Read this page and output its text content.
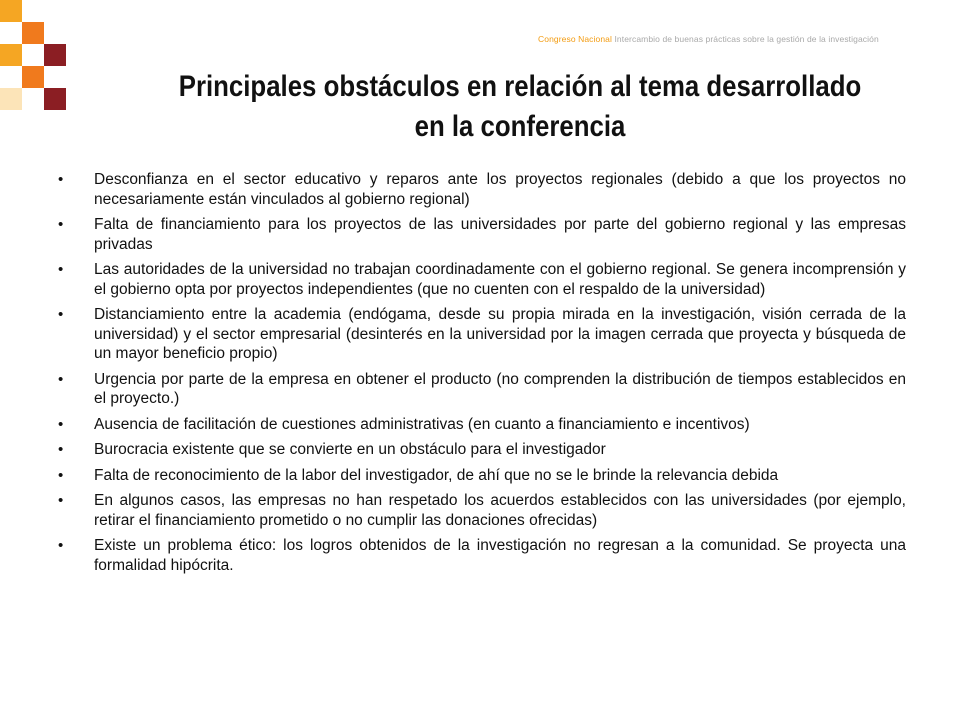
Congreso Nacional Intercambio de buenas prácticas sobre la gestión de la investigación
Principales obstáculos en relación al tema desarrollado en la conferencia
• Desconfianza en el sector educativo y reparos ante los proyectos regionales (debido a que los proyectos no necesariamente están vinculados al gobierno regional)
• Falta de financiamiento para los proyectos de las universidades por parte del gobierno regional y las empresas privadas
• Las autoridades de la universidad no trabajan coordinadamente con el gobierno regional. Se genera incomprensión y el gobierno opta por proyectos independientes (que no cuenten con el respaldo de la universidad)
• Distanciamiento entre la academia (endógama, desde su propia mirada en la investigación, visión cerrada de la universidad) y el sector empresarial (desinterés en la universidad por la imagen cerrada que proyecta y búsqueda de un mayor beneficio propio)
• Urgencia por parte de la empresa en obtener el producto (no comprenden la distribución de tiempos establecidos en el proyecto.)
• Ausencia de facilitación de cuestiones administrativas (en cuanto a financiamiento e incentivos)
• Burocracia existente que se convierte en un obstáculo para el investigador
• Falta de reconocimiento de la labor del investigador, de ahí que no se le brinde la relevancia debida
• En algunos casos, las empresas no han respetado los acuerdos establecidos con las universidades (por ejemplo, retirar el financiamiento prometido o no cumplir las donaciones ofrecidas)
• Existe un problema ético: los logros obtenidos de la investigación no regresan a la comunidad. Se proyecta una formalidad hipócrita.
